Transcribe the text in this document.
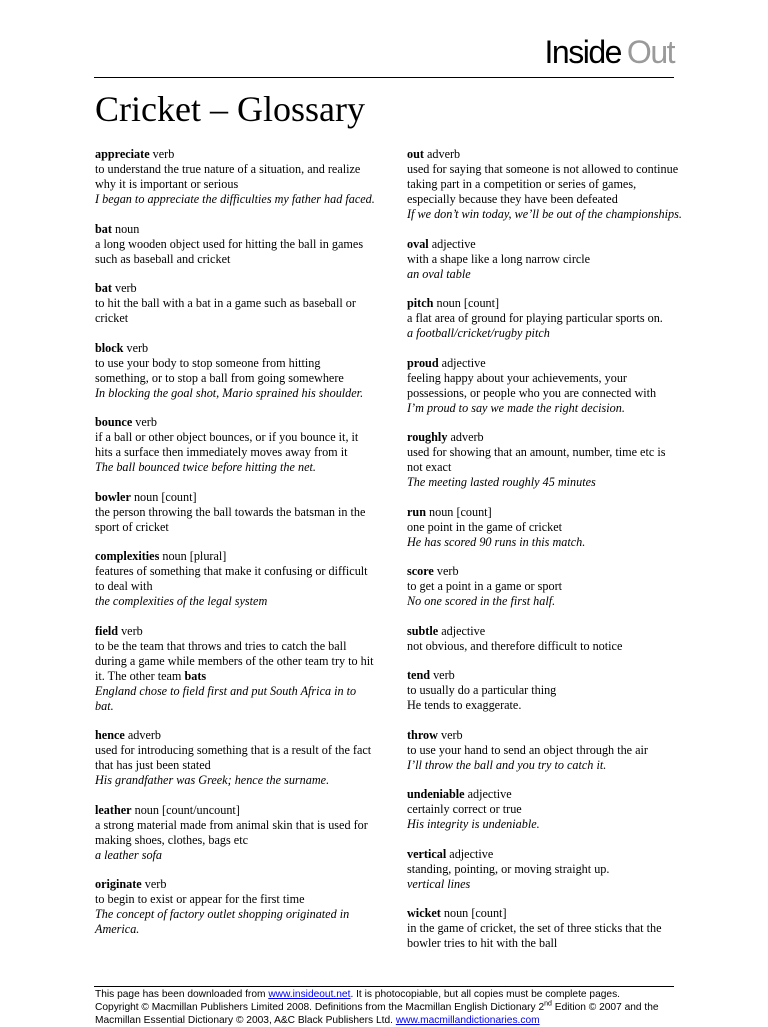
Inside Out
Cricket – Glossary
appreciate verb
to understand the true nature of a situation, and realize why it is important or serious
I began to appreciate the difficulties my father had faced.
bat noun
a long wooden object used for hitting the ball in games such as baseball and cricket
bat verb
to hit the ball with a bat in a game such as baseball or cricket
block verb
to use your body to stop someone from hitting something, or to stop a ball from going somewhere
In blocking the goal shot, Mario sprained his shoulder.
bounce verb
if a ball or other object bounces, or if you bounce it, it hits a surface then immediately moves away from it
The ball bounced twice before hitting the net.
bowler noun [count]
the person throwing the ball towards the batsman in the sport of cricket
complexities noun [plural]
features of something that make it confusing or difficult to deal with
the complexities of the legal system
field verb
to be the team that throws and tries to catch the ball during a game while members of the other team try to hit it. The other team bats
England chose to field first and put South Africa in to bat.
hence adverb
used for introducing something that is a result of the fact that has just been stated
His grandfather was Greek; hence the surname.
leather noun [count/uncount]
a strong material made from animal skin that is used for making shoes, clothes, bags etc
a leather sofa
originate verb
to begin to exist or appear for the first time
The concept of factory outlet shopping originated in America.
out adverb
used for saying that someone is not allowed to continue taking part in a competition or series of games, especially because they have been defeated
If we don’t win today, we’ll be out of the championships.
oval adjective
with a shape like a long narrow circle
an oval table
pitch noun [count]
a flat area of ground for playing particular sports on.
a football/cricket/rugby pitch
proud adjective
feeling happy about your achievements, your possessions, or people who you are connected with
I’m proud to say we made the right decision.
roughly adverb
used for showing that an amount, number, time etc is not exact
The meeting lasted roughly 45 minutes
run noun [count]
one point in the game of cricket
He has scored 90 runs in this match.
score verb
to get a point in a game or sport
No one scored in the first half.
subtle adjective
not obvious, and therefore difficult to notice
tend verb
to usually do a particular thing
He tends to exaggerate.
throw verb
to use your hand to send an object through the air
I’ll throw the ball and you try to catch it.
undeniable adjective
certainly correct or true
His integrity is undeniable.
vertical adjective
standing, pointing, or moving straight up.
vertical lines
wicket noun [count]
in the game of cricket, the set of three sticks that the bowler tries to hit with the ball
This page has been downloaded from www.insideout.net. It is photocopiable, but all copies must be complete pages.
Copyright © Macmillan Publishers Limited 2008. Definitions from the Macmillan English Dictionary 2nd Edition © 2007 and the
Macmillan Essential Dictionary © 2003, A&C Black Publishers Ltd. www.macmillandictionaries.com
